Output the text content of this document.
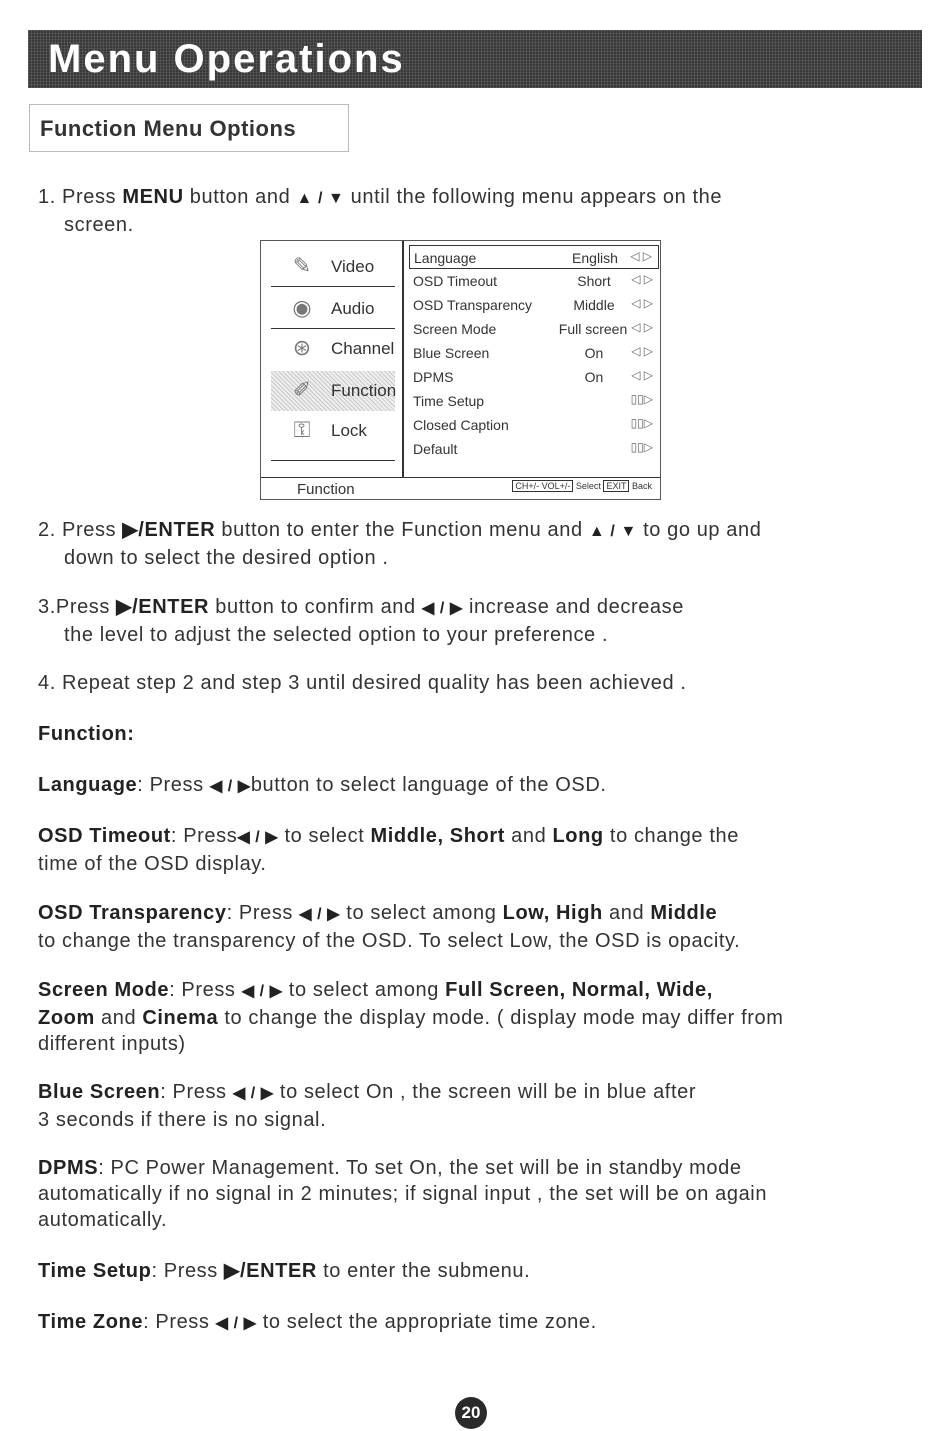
Menu Operations
Function Menu Options
1. Press MENU button and ▲ / ▼ until the following menu appears on the
screen.
✎	Video
◉	Audio
⊛	Channel
✐	Function
⚿	Lock
Language	English	◁ ▷
OSD Timeout	Short	◁ ▷
OSD Transparency	Middle	◁ ▷
Screen Mode	Full screen ◁ ▷
Blue Screen	On	◁ ▷
DPMS	On	◁ ▷
Time Setup	▯▯▷
Closed Caption	▯▯▷
Default	▯▯▷
Function	CH+/- VOL+/- Select EXIT Back
2. Press ▶/ENTER button to enter the Function menu and ▲ / ▼ to go up and
down to select the desired option .
3.Press ▶/ENTER button to confirm and ◀ / ▶ increase and decrease
the level to adjust the selected option to your preference .
4. Repeat step 2 and step 3 until desired quality has been achieved .
Function:
Language: Press ◀ / ▶button to select language of the OSD.
OSD Timeout: Press◀ / ▶ to select Middle, Short and Long to change the
time of the OSD display.
OSD Transparency: Press ◀ / ▶ to select among Low, High and Middle
to change the transparency of the OSD. To select Low, the OSD is opacity.
Screen Mode: Press ◀ / ▶ to select among Full Screen, Normal, Wide,
Zoom and Cinema to change the display mode. ( display mode may differ from
different inputs)
Blue Screen: Press ◀ / ▶ to select On , the screen will be in blue after
3 seconds if there is no signal.
DPMS: PC Power Management. To set On, the set will be in standby mode
automatically if no signal in 2 minutes; if signal input , the set will be on again
automatically.
Time Setup: Press ▶/ENTER to enter the submenu.
Time Zone: Press ◀ / ▶ to select the appropriate time zone.
20
